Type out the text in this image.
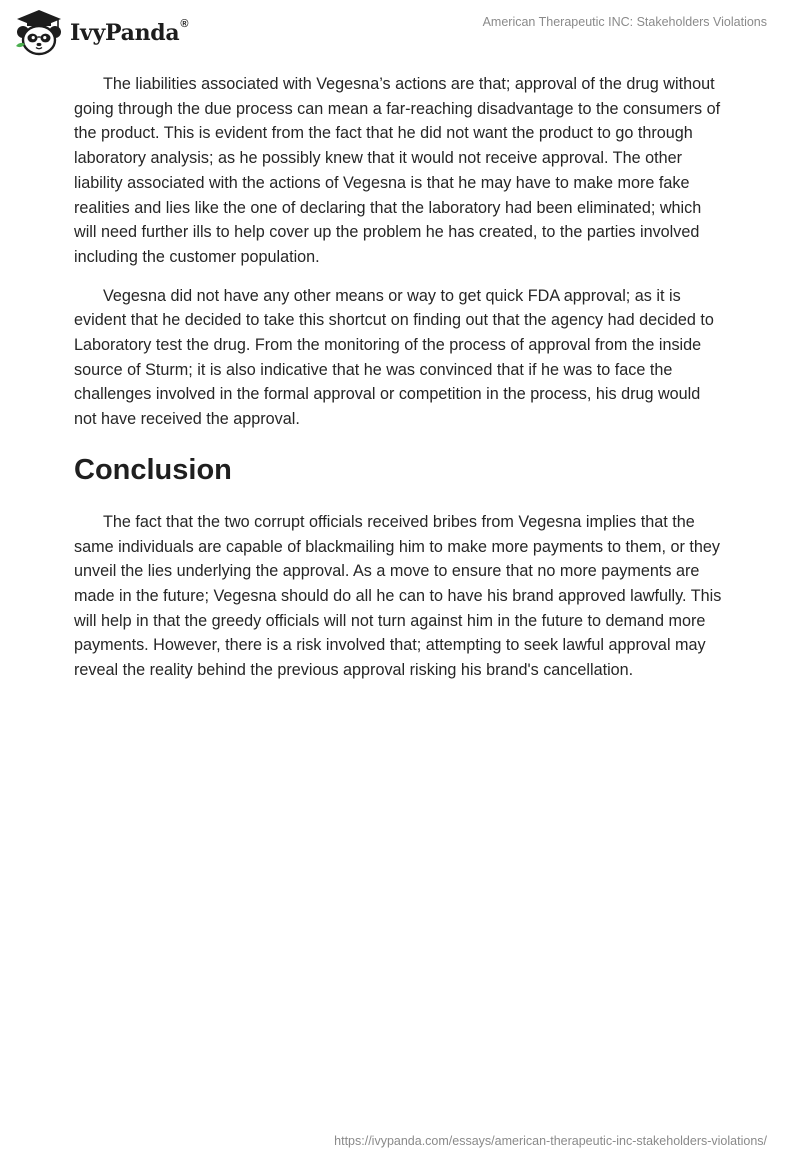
IvyPanda®	American Therapeutic INC: Stakeholders Violations

The liabilities associated with Vegesna’s actions are that; approval of the drug without going through the due process can mean a far-reaching disadvantage to the consumers of the product. This is evident from the fact that he did not want the product to go through laboratory analysis; as he possibly knew that it would not receive approval. The other liability associated with the actions of Vegesna is that he may have to make more fake realities and lies like the one of declaring that the laboratory had been eliminated; which will need further ills to help cover up the problem he has created, to the parties involved including the customer population.

Vegesna did not have any other means or way to get quick FDA approval; as it is evident that he decided to take this shortcut on finding out that the agency had decided to Laboratory test the drug. From the monitoring of the process of approval from the inside source of Sturm; it is also indicative that he was convinced that if he was to face the challenges involved in the formal approval or competition in the process, his drug would not have received the approval.

Conclusion

The fact that the two corrupt officials received bribes from Vegesna implies that the same individuals are capable of blackmailing him to make more payments to them, or they unveil the lies underlying the approval. As a move to ensure that no more payments are made in the future; Vegesna should do all he can to have his brand approved lawfully. This will help in that the greedy officials will not turn against him in the future to demand more payments. However, there is a risk involved that; attempting to seek lawful approval may reveal the reality behind the previous approval risking his brand's cancellation.

https://ivypanda.com/essays/american-therapeutic-inc-stakeholders-violations/
